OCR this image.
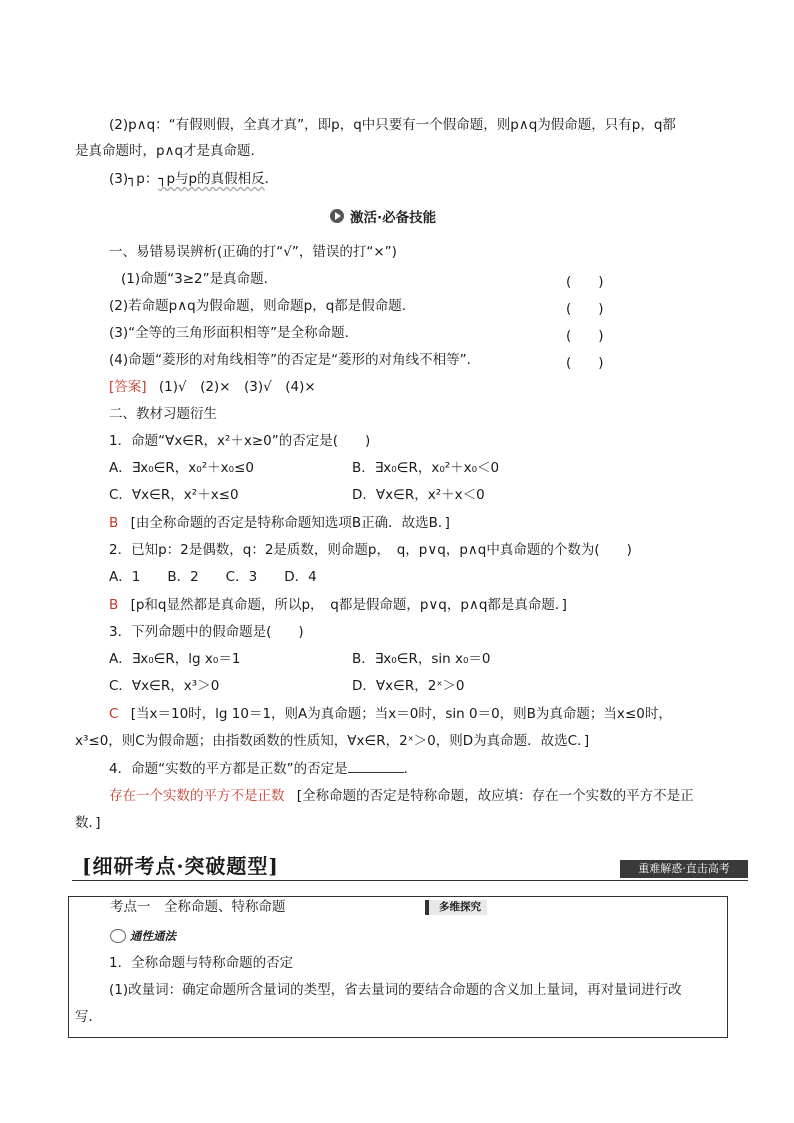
(2)p∧q：“有假则假，全真才真”，即p，q中只要有一个假命题，则p∧q为假命题，只有p，q都
是真命题时，p∧q才是真命题．
(3)┐p：┐p与p的真假相反．
激活·必备技能
一、易错易误辨析(正确的打“√”，错误的打“×”)
(1)命题“3≥2”是真命题．	(　　)
(2)若命题p∧q为假命题，则命题p，q都是假命题．	(　　)
(3)“全等的三角形面积相等”是全称命题．	(　　)
(4)命题“菱形的对角线相等”的否定是“菱形的对角线不相等”．	(　　)
[答案] (1)√　(2)×　(3)√　(4)×
二、教材习题衍生
1．命题“∀x∈R，x²＋x≥0”的否定是(　　)
A．∃x₀∈R，x₀²＋x₀≤0	B．∃x₀∈R，x₀²＋x₀＜0
C．∀x∈R，x²＋x≤0	D．∀x∈R，x²＋x＜0
B [由全称命题的否定是特称命题知选项B正确．故选B．]
2．已知p：2是偶数，q：2是质数，则命题p，　q，p∨q，p∧q中真命题的个数为(　　)
A．1　　B．2　　C．3　　D．4
B [p和q显然都是真命题，所以p，　q都是假命题，p∨q，p∧q都是真命题．]
3．下列命题中的假命题是(　　)
A．∃x₀∈R，lg x₀＝1	B．∃x₀∈R，sin x₀＝0
C．∀x∈R，x³＞0	D．∀x∈R，2ˣ＞0
C [当x＝10时，lg 10＝1，则A为真命题；当x＝0时，sin 0＝0，则B为真命题；当x≤0时，
x³≤0，则C为假命题；由指数函数的性质知，∀x∈R，2ˣ＞0，则D为真命题．故选C．]
4．命题“实数的平方都是正数”的否定是	．
存在一个实数的平方不是正数 [全称命题的否定是特称命题，故应填：存在一个实数的平方不是正
数．]
[细研考点·突破题型]	重难解惑·直击高考
考点一　全称命题、特称命题	多维探究
通性通法
1．全称命题与特称命题的否定
(1)改量词：确定命题所含量词的类型，省去量词的要结合命题的含义加上量词，再对量词进行改
写．
